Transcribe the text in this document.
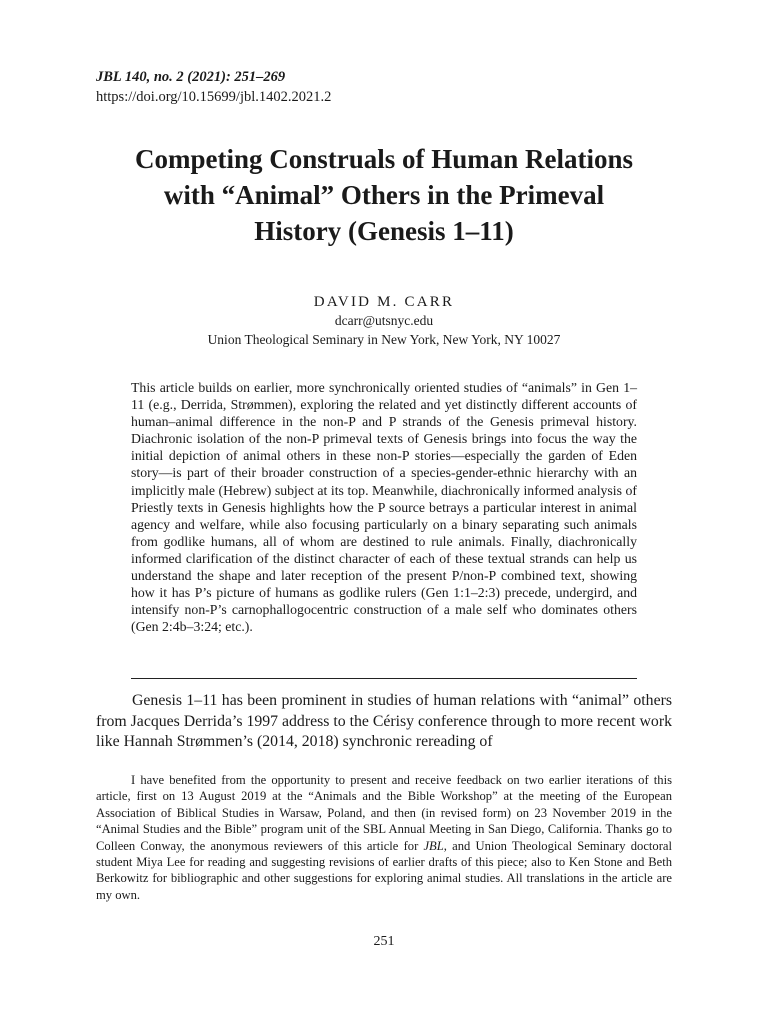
JBL 140, no. 2 (2021): 251–269
https://doi.org/10.15699/jbl.1402.2021.2
Competing Construals of Human Relations
with “Animal” Others in the Primeval
History (Genesis 1–11)
DAVID M. CARR
dcarr@utsnyc.edu
Union Theological Seminary in New York, New York, NY 10027

This article builds on earlier, more synchronically oriented studies of “animals” in Gen 1–11 (e.g., Derrida, Strømmen), exploring the related and yet distinctly different accounts of human–animal difference in the non-P and P strands of the Genesis primeval history. Diachronic isolation of the non-P primeval texts of Genesis brings into focus the way the initial depiction of animal others in these non-P stories—especially the garden of Eden story—is part of their broader construction of a species-gender-ethnic hierarchy with an implicitly male (Hebrew) subject at its top. Meanwhile, diachronically informed analysis of Priestly texts in Genesis highlights how the P source betrays a particular interest in animal agency and welfare, while also focusing particularly on a binary separating such animals from godlike humans, all of whom are destined to rule animals. Finally, diachronically informed clarification of the distinct character of each of these textual strands can help us understand the shape and later reception of the present P/non-P combined text, showing how it has P’s picture of humans as godlike rulers (Gen 1:1–2:3) precede, undergird, and intensify non-P’s carnophallogocentric construction of a male self who dominates others (Gen 2:4b–3:24; etc.).

Genesis 1–11 has been prominent in studies of human relations with “animal” others from Jacques Derrida’s 1997 address to the Cérisy conference through to more recent work like Hannah Strømmen’s (2014, 2018) synchronic rereading of

I have benefited from the opportunity to present and receive feedback on two earlier iterations of this article, first on 13 August 2019 at the “Animals and the Bible Workshop” at the meeting of the European Association of Biblical Studies in Warsaw, Poland, and then (in revised form) on 23 November 2019 in the “Animal Studies and the Bible” program unit of the SBL Annual Meeting in San Diego, California. Thanks go to Colleen Conway, the anonymous reviewers of this article for JBL, and Union Theological Seminary doctoral student Miya Lee for reading and suggesting revisions of earlier drafts of this piece; also to Ken Stone and Beth Berkowitz for bibliographic and other suggestions for exploring animal studies. All translations in the article are my own.

251
